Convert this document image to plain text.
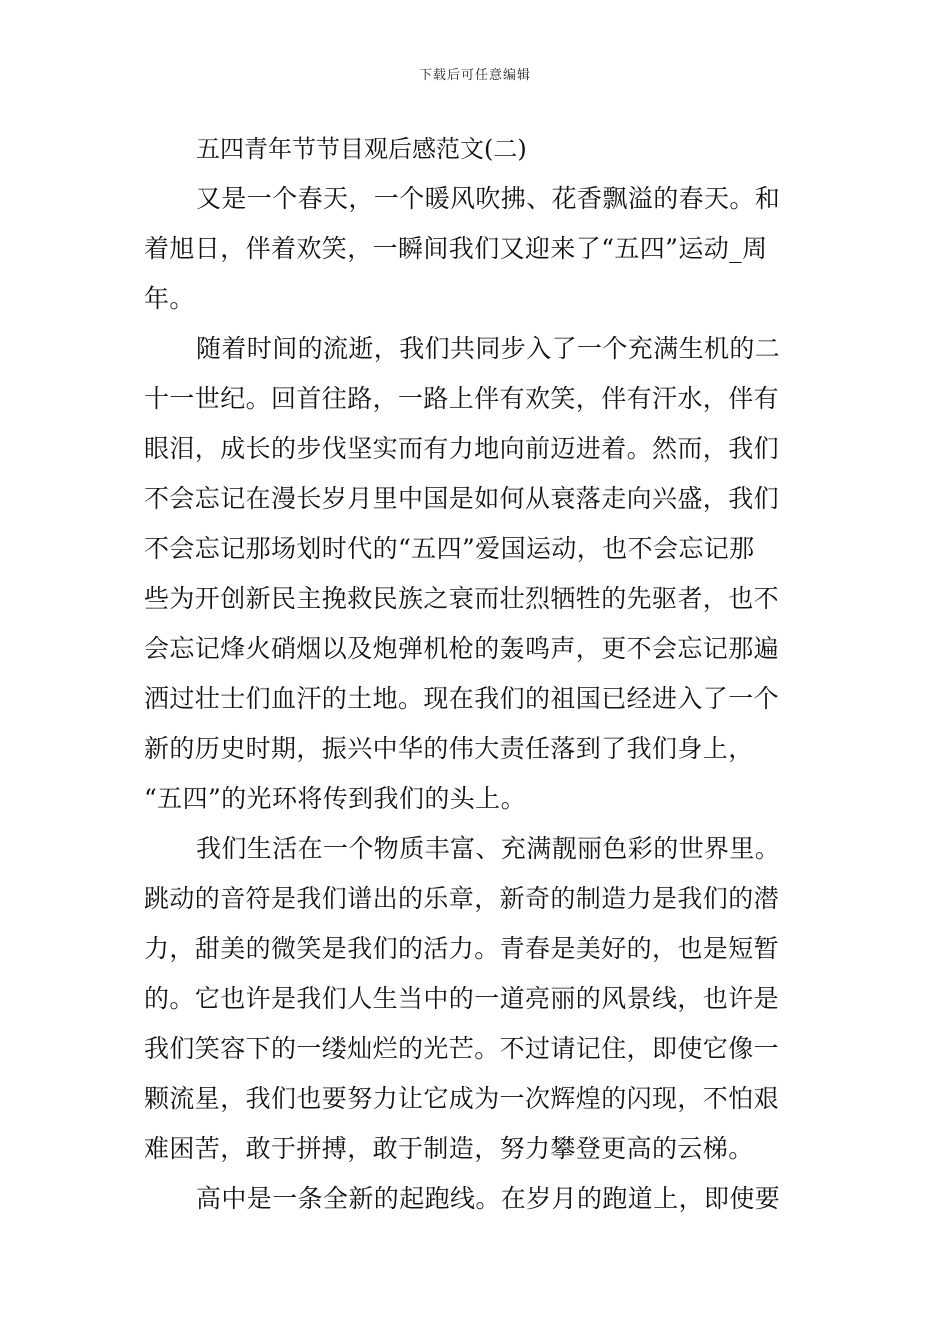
下载后可任意编辑
五四青年节节目观后感范文(二)

又是一个春天，一个暖风吹拂、花香飘溢的春天。和
着旭日，伴着欢笑，一瞬间我们又迎来了“五四”运动_周
年。

随着时间的流逝，我们共同步入了一个充满生机的二
十一世纪。回首往路，一路上伴有欢笑，伴有汗水，伴有
眼泪，成长的步伐坚实而有力地向前迈进着。然而，我们
不会忘记在漫长岁月里中国是如何从衰落走向兴盛，我们
不会忘记那场划时代的“五四”爱国运动，也不会忘记那
些为开创新民主挽救民族之衰而壮烈牺牲的先驱者，也不
会忘记烽火硝烟以及炮弹机枪的轰鸣声，更不会忘记那遍
洒过壮士们血汗的土地。现在我们的祖国已经进入了一个
新的历史时期，振兴中华的伟大责任落到了我们身上，
“五四”的光环将传到我们的头上。

我们生活在一个物质丰富、充满靓丽色彩的世界里。
跳动的音符是我们谱出的乐章，新奇的制造力是我们的潜
力，甜美的微笑是我们的活力。青春是美好的，也是短暂
的。它也许是我们人生当中的一道亮丽的风景线，也许是
我们笑容下的一缕灿烂的光芒。不过请记住，即使它像一
颗流星，我们也要努力让它成为一次辉煌的闪现，不怕艰
难困苦，敢于拼搏，敢于制造，努力攀登更高的云梯。

高中是一条全新的起跑线。在岁月的跑道上，即使要
